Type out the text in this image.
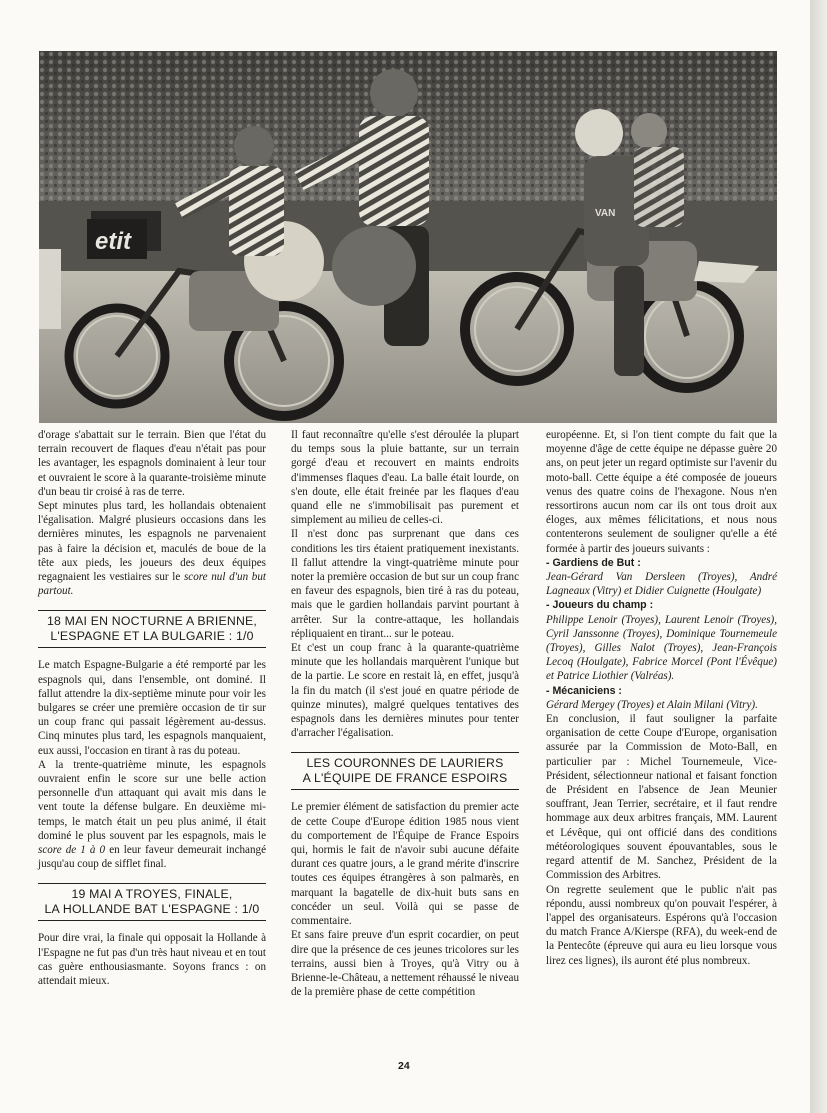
etit
VAN

d'orage s'abattait sur le terrain. Bien que l'état du terrain recouvert de flaques d'eau n'était pas pour les avantager, les espagnols dominaient à leur tour et ouvraient le score à la quarante-troisième minute d'un beau tir croisé à ras de terre.

Sept minutes plus tard, les hollandais obtenaient l'égalisation. Malgré plusieurs occasions dans les dernières minutes, les espagnols ne parvenaient pas à faire la décision et, maculés de boue de la tête aux pieds, les joueurs des deux équipes regagnaient les vestiaires sur le score nul d'un but partout.

18 MAI EN NOCTURNE A BRIENNE,
L'ESPAGNE ET LA BULGARIE : 1/0

Le match Espagne-Bulgarie a été remporté par les espagnols qui, dans l'ensemble, ont dominé. Il fallut attendre la dix-septième minute pour voir les bulgares se créer une première occasion de tir sur un coup franc qui passait légèrement au-dessus. Cinq minutes plus tard, les espagnols manquaient, eux aussi, l'occasion en tirant à ras du poteau.

A la trente-quatrième minute, les espagnols ouvraient enfin le score sur une belle action personnelle d'un attaquant qui avait mis dans le vent toute la défense bulgare. En deuxième mi-temps, le match était un peu plus animé, il était dominé le plus souvent par les espagnols, mais le score de 1 à 0 en leur faveur demeurait inchangé jusqu'au coup de sifflet final.

19 MAI A TROYES, FINALE,
LA HOLLANDE BAT L'ESPAGNE : 1/0

Pour dire vrai, la finale qui opposait la Hollande à l'Espagne ne fut pas d'un très haut niveau et en tout cas guère enthousiasmante. Soyons francs : on attendait mieux.

Il faut reconnaître qu'elle s'est déroulée la plupart du temps sous la pluie battante, sur un terrain gorgé d'eau et recouvert en maints endroits d'immenses flaques d'eau. La balle était lourde, on s'en doute, elle était freinée par les flaques d'eau quand elle ne s'immobilisait pas purement et simplement au milieu de celles-ci.

Il n'est donc pas surprenant que dans ces conditions les tirs étaient pratiquement inexistants. Il fallut attendre la vingt-quatrième minute pour noter la première occasion de but sur un coup franc en faveur des espagnols, bien tiré à ras du poteau, mais que le gardien hollandais parvint pourtant à arrêter. Sur la contre-attaque, les hollandais répliquaient en tirant... sur le poteau.

Et c'est un coup franc à la quarante-quatrième minute que les hollandais marquèrent l'unique but de la partie. Le score en restait là, en effet, jusqu'à la fin du match (il s'est joué en quatre période de quinze minutes), malgré quelques tentatives des espagnols dans les dernières minutes pour tenter d'arracher l'égalisation.

LES COURONNES DE LAURIERS
A L'ÉQUIPE DE FRANCE ESPOIRS

Le premier élément de satisfaction du premier acte de cette Coupe d'Europe édition 1985 nous vient du comportement de l'Équipe de France Espoirs qui, hormis le fait de n'avoir subi aucune défaite durant ces quatre jours, a le grand mérite d'inscrire toutes ces équipes étrangères à son palmarès, en marquant la bagatelle de dix-huit buts sans en concéder un seul. Voilà qui se passe de commentaire.

Et sans faire preuve d'un esprit cocardier, on peut dire que la présence de ces jeunes tricolores sur les terrains, aussi bien à Troyes, qu'à Vitry ou à Brienne-le-Château, a nettement réhaussé le niveau de la première phase de cette compétition

européenne. Et, si l'on tient compte du fait que la moyenne d'âge de cette équipe ne dépasse guère 20 ans, on peut jeter un regard optimiste sur l'avenir du moto-ball. Cette équipe a été composée de joueurs venus des quatre coins de l'hexagone. Nous n'en ressortirons aucun nom car ils ont tous droit aux éloges, aux mêmes félicitations, et nous nous contenterons seulement de souligner qu'elle a été formée à partir des joueurs suivants :

- Gardiens de But :
Jean-Gérard Van Dersleen (Troyes), André Lagneaux (Vitry) et Didier Cuignette (Houlgate)
- Joueurs du champ :
Philippe Lenoir (Troyes), Laurent Lenoir (Troyes), Cyril Janssonne (Troyes), Dominique Tournemeule (Troyes), Gilles Nalot (Troyes), Jean-François Lecoq (Houlgate), Fabrice Morcel (Pont l'Évêque) et Patrice Liothier (Valréas).
- Mécaniciens :
Gérard Mergey (Troyes) et Alain Milani (Vitry).

En conclusion, il faut souligner la parfaite organisation de cette Coupe d'Europe, organisation assurée par la Commission de Moto-Ball, en particulier par : Michel Tournemeule, Vice-Président, sélectionneur national et faisant fonction de Président en l'absence de Jean Meunier souffrant, Jean Terrier, secrétaire, et il faut rendre hommage aux deux arbitres français, MM. Laurent et Lévêque, qui ont officié dans des conditions météorologiques souvent épouvantables, sous le regard attentif de M. Sanchez, Président de la Commission des Arbitres.

On regrette seulement que le public n'ait pas répondu, aussi nombreux qu'on pouvait l'espérer, à l'appel des organisateurs. Espérons qu'à l'occasion du match France A/Kierspe (RFA), du week-end de la Pentecôte (épreuve qui aura eu lieu lorsque vous lirez ces lignes), ils auront été plus nombreux.

24
